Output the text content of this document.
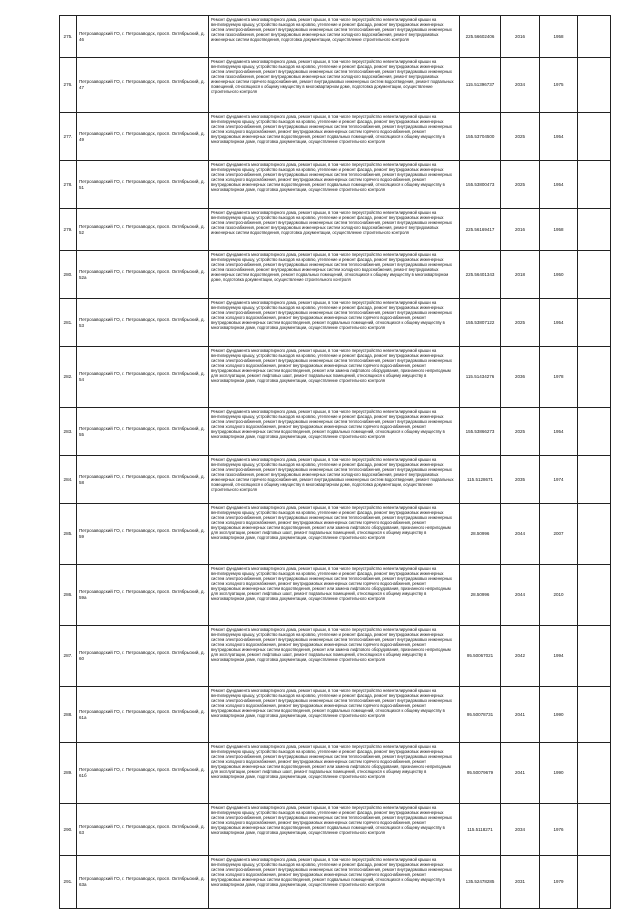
275.	Петрозаводский ГО, г. Петрозаводск, просп. Октябрьский, д. 46	Ремонт фундамента многоквартирного дома, ремонт крыши, в том числе переустройство невентилируемой крыши на вентилируемую крышу, устройство выходов на кровлю, утепление и ремонт фасада, ремонт внутридомовых инженерных систем электроснабжения, ремонт внутридомовых инженерных систем теплоснабжения, ремонт внутридомовых инженерных систем газоснабжения, ремонт внутридомовых инженерных систем холодного водоснабжения, ремонт внутридомовых инженерных систем водоотведения, подготовка документации, осуществление строительного контроля	225.56602406	2016	1958	
276.	Петрозаводский ГО, г. Петрозаводск, просп. Октябрьский, д. 47	Ремонт фундамента многоквартирного дома, ремонт крыши, в том числе переустройство невентилируемой крыши на вентилируемую крышу, устройство выходов на кровлю, утепление и ремонт фасада, ремонт внутридомовых инженерных систем электроснабжения, ремонт внутридомовых инженерных систем теплоснабжения, ремонт внутридомовых инженерных систем газоснабжения, ремонт внутридомовых инженерных систем холодного водоснабжения, ремонт внутридомовых инженерных систем горячего водоснабжения, ремонт внутридомовых инженерных систем водоотведения, ремонт подвальных помещений, относящихся к общему имуществу в многоквартирном доме, подготовка документации, осуществление строительного контроля	115.51396737	2034	1975	
277.	Петрозаводский ГО, г. Петрозаводск, просп. Октябрьский, д. 49	Ремонт фундамента многоквартирного дома, ремонт крыши, в том числе переустройство невентилируемой крыши на вентилируемую крышу, устройство выходов на кровлю, утепление и ремонт фасада, ремонт внутридомовых инженерных систем электроснабжения, ремонт внутридомовых инженерных систем теплоснабжения, ремонт внутридомовых инженерных систем холодного водоснабжения, ремонт внутридомовых инженерных систем горячего водоснабжения, ремонт внутридомовых инженерных систем водоотведения, ремонт подвальных помещений, относящихся к общему имуществу в многоквартирном доме, подготовка документации, осуществление строительного контроля	155.53704500	2025	1954	
278.	Петрозаводский ГО, г. Петрозаводск, просп. Октябрьский, д. 51	Ремонт фундамента многоквартирного дома, ремонт крыши, в том числе переустройство невентилируемой крыши на вентилируемую крышу, устройство выходов на кровлю, утепление и ремонт фасада, ремонт внутридомовых инженерных систем электроснабжения, ремонт внутридомовых инженерных систем теплоснабжения, ремонт внутридомовых инженерных систем холодного водоснабжения, ремонт внутридомовых инженерных систем горячего водоснабжения, ремонт внутридомовых инженерных систем водоотведения, ремонт подвальных помещений, относящихся к общему имуществу в многоквартирном доме, подготовка документации, осуществление строительного контроля	155.53800473	2025	1954	
279.	Петрозаводский ГО, г. Петрозаводск, просп. Октябрьский, д. 52	Ремонт фундамента многоквартирного дома, ремонт крыши, в том числе переустройство невентилируемой крыши на вентилируемую крышу, устройство выходов на кровлю, утепление и ремонт фасада, ремонт внутридомовых инженерных систем электроснабжения, ремонт внутридомовых инженерных систем теплоснабжения, ремонт внутридомовых инженерных систем газоснабжения, ремонт внутридомовых инженерных систем холодного водоснабжения, ремонт внутридомовых инженерных систем водоотведения, подготовка документации, осуществление строительного контроля	225.56169417	2016	1958	
280.	Петрозаводский ГО, г. Петрозаводск, просп. Октябрьский, д. 52а	Ремонт фундамента многоквартирного дома, ремонт крыши, в том числе переустройство невентилируемой крыши на вентилируемую крышу, устройство выходов на кровлю, утепление и ремонт фасада, ремонт внутридомовых инженерных систем электроснабжения, ремонт внутридомовых инженерных систем теплоснабжения, ремонт внутридомовых инженерных систем газоснабжения, ремонт внутридомовых инженерных систем холодного водоснабжения, ремонт внутридомовых инженерных систем водоотведения, ремонт подвальных помещений, относящихся к общему имуществу в многоквартирном доме, подготовка документации, осуществление строительного контроля	225.56401343	2018	1950	
281.	Петрозаводский ГО, г. Петрозаводск, просп. Октябрьский, д. 53	Ремонт фундамента многоквартирного дома, ремонт крыши, в том числе переустройство невентилируемой крыши на вентилируемую крышу, устройство выходов на кровлю, утепление и ремонт фасада, ремонт внутридомовых инженерных систем электроснабжения, ремонт внутридомовых инженерных систем теплоснабжения, ремонт внутридомовых инженерных систем холодного водоснабжения, ремонт внутридомовых инженерных систем горячего водоснабжения, ремонт внутридомовых инженерных систем водоотведения, ремонт подвальных помещений, относящихся к общему имуществу в многоквартирном доме, подготовка документации, осуществление строительного контроля	155.53807122	2025	1954	
282.	Петрозаводский ГО, г. Петрозаводск, просп. Октябрьский, д. 54	Ремонт фундамента многоквартирного дома, ремонт крыши, в том числе переустройство невентилируемой крыши на вентилируемую крышу, устройство выходов на кровлю, утепление и ремонт фасада, ремонт внутридомовых инженерных систем электроснабжения, ремонт внутридомовых инженерных систем теплоснабжения, ремонт внутридомовых инженерных систем холодного водоснабжения, ремонт внутридомовых инженерных систем горячего водоснабжения, ремонт внутридомовых инженерных систем водоотведения, ремонт или замена лифтового оборудования, признанного непригодным для эксплуатации, ремонт лифтовых шахт, ремонт подвальных помещений, относящихся к общему имуществу в многоквартирном доме, подготовка документации, осуществление строительного контроля	115.51434276	2036	1978	
283.	Петрозаводский ГО, г. Петрозаводск, просп. Октябрьский, д. 55	Ремонт фундамента многоквартирного дома, ремонт крыши, в том числе переустройство невентилируемой крыши на вентилируемую крышу, устройство выходов на кровлю, утепление и ремонт фасада, ремонт внутридомовых инженерных систем электроснабжения, ремонт внутридомовых инженерных систем теплоснабжения, ремонт внутридомовых инженерных систем холодного водоснабжения, ремонт внутридомовых инженерных систем горячего водоснабжения, ремонт внутридомовых инженерных систем водоотведения, ремонт подвальных помещений, относящихся к общему имуществу в многоквартирном доме, подготовка документации, осуществление строительного контроля	155.53866273	2025	1954	
284.	Петрозаводский ГО, г. Петрозаводск, просп. Октябрьский, д. 58	Ремонт фундамента многоквартирного дома, ремонт крыши, в том числе переустройство невентилируемой крыши на вентилируемую крышу, устройство выходов на кровлю, утепление и ремонт фасада, ремонт внутридомовых инженерных систем электроснабжения, ремонт внутридомовых инженерных систем теплоснабжения, ремонт внутридомовых инженерных систем газоснабжения, ремонт внутридомовых инженерных систем холодного водоснабжения, ремонт внутридомовых инженерных систем горячего водоснабжения, ремонт внутридомовых инженерных систем водоотведения, ремонт подвальных помещений, относящихся к общему имуществу в многоквартирном доме, подготовка документации, осуществление строительного контроля	115.5128671	2035	1974	
285.	Петрозаводский ГО, г. Петрозаводск, просп. Октябрьский, д. 59	Ремонт фундамента многоквартирного дома, ремонт крыши, в том числе переустройство невентилируемой крыши на вентилируемую крышу, устройство выходов на кровлю, утепление и ремонт фасада, ремонт внутридомовых инженерных систем электроснабжения, ремонт внутридомовых инженерных систем теплоснабжения, ремонт внутридомовых инженерных систем холодного водоснабжения, ремонт внутридомовых инженерных систем горячего водоснабжения, ремонт внутридомовых инженерных систем водоотведения, ремонт или замена лифтового оборудования, признанного непригодным для эксплуатации, ремонт лифтовых шахт, ремонт подвальных помещений, относящихся к общему имуществу в многоквартирном доме, подготовка документации, осуществление строительного контроля	28.50996	2044	2007	
286.	Петрозаводский ГО, г. Петрозаводск, просп. Октябрьский, д. 59а	Ремонт фундамента многоквартирного дома, ремонт крыши, в том числе переустройство невентилируемой крыши на вентилируемую крышу, устройство выходов на кровлю, утепление и ремонт фасада, ремонт внутридомовых инженерных систем электроснабжения, ремонт внутридомовых инженерных систем теплоснабжения, ремонт внутридомовых инженерных систем холодного водоснабжения, ремонт внутридомовых инженерных систем горячего водоснабжения, ремонт внутридомовых инженерных систем водоотведения, ремонт или замена лифтового оборудования, признанного непригодным для эксплуатации, ремонт лифтовых шахт, ремонт подвальных помещений, относящихся к общему имуществу в многоквартирном доме, подготовка документации, осуществление строительного контроля	28.50996	2044	2010	
287.	Петрозаводский ГО, г. Петрозаводск, просп. Октябрьский, д. 60	Ремонт фундамента многоквартирного дома, ремонт крыши, в том числе переустройство невентилируемой крыши на вентилируемую крышу, устройство выходов на кровлю, утепление и ремонт фасада, ремонт внутридомовых инженерных систем электроснабжения, ремонт внутридомовых инженерных систем теплоснабжения, ремонт внутридомовых инженерных систем холодного водоснабжения, ремонт внутридомовых инженерных систем горячего водоснабжения, ремонт внутридомовых инженерных систем водоотведения, ремонт или замена лифтового оборудования, признанного непригодным для эксплуатации, ремонт лифтовых шахт, ремонт подвальных помещений, относящихся к общему имуществу в многоквартирном доме, подготовка документации, осуществление строительного контроля	95.50067021	2042	1994	
288.	Петрозаводский ГО, г. Петрозаводск, просп. Октябрьский, д. 61а	Ремонт фундамента многоквартирного дома, ремонт крыши, в том числе переустройство невентилируемой крыши на вентилируемую крышу, устройство выходов на кровлю, утепление и ремонт фасада, ремонт внутридомовых инженерных систем электроснабжения, ремонт внутридомовых инженерных систем теплоснабжения, ремонт внутридомовых инженерных систем холодного водоснабжения, ремонт внутридомовых инженерных систем горячего водоснабжения, ремонт внутридомовых инженерных систем водоотведения, ремонт подвальных помещений, относящихся к общему имуществу в многоквартирном доме, подготовка документации, осуществление строительного контроля	95.50078731	2041	1990	
289.	Петрозаводский ГО, г. Петрозаводск, просп. Октябрьский, д. 61б	Ремонт фундамента многоквартирного дома, ремонт крыши, в том числе переустройство невентилируемой крыши на вентилируемую крышу, устройство выходов на кровлю, утепление и ремонт фасада, ремонт внутридомовых инженерных систем электроснабжения, ремонт внутридомовых инженерных систем теплоснабжения, ремонт внутридомовых инженерных систем холодного водоснабжения, ремонт внутридомовых инженерных систем горячего водоснабжения, ремонт внутридомовых инженерных систем водоотведения, ремонт или замена лифтового оборудования, признанного непригодным для эксплуатации, ремонт лифтовых шахт, ремонт подвальных помещений, относящихся к общему имуществу в многоквартирном доме, подготовка документации, осуществление строительного контроля	95.50079679	2041	1990	
290.	Петрозаводский ГО, г. Петрозаводск, просп. Октябрьский, д. 63	Ремонт фундамента многоквартирного дома, ремонт крыши, в том числе переустройство невентилируемой крыши на вентилируемую крышу, устройство выходов на кровлю, утепление и ремонт фасада, ремонт внутридомовых инженерных систем электроснабжения, ремонт внутридомовых инженерных систем теплоснабжения, ремонт внутридомовых инженерных систем холодного водоснабжения, ремонт внутридомовых инженерных систем горячего водоснабжения, ремонт внутридомовых инженерных систем водоотведения, ремонт подвальных помещений, относящихся к общему имуществу в многоквартирном доме, подготовка документации, осуществление строительного контроля	115.5118271	2034	1976	
291.	Петрозаводский ГО, г. Петрозаводск, просп. Октябрьский, д. 63а	Ремонт фундамента многоквартирного дома, ремонт крыши, в том числе переустройство невентилируемой крыши на вентилируемую крышу, устройство выходов на кровлю, утепление и ремонт фасада, ремонт внутридомовых инженерных систем электроснабжения, ремонт внутридомовых инженерных систем теплоснабжения, ремонт внутридомовых инженерных систем холодного водоснабжения, ремонт внутридомовых инженерных систем горячего водоснабжения, ремонт внутридомовых инженерных систем водоотведения, ремонт подвальных помещений, относящихся к общему имуществу в многоквартирном доме, подготовка документации, осуществление строительного контроля	135.52478285	2031	1979	
